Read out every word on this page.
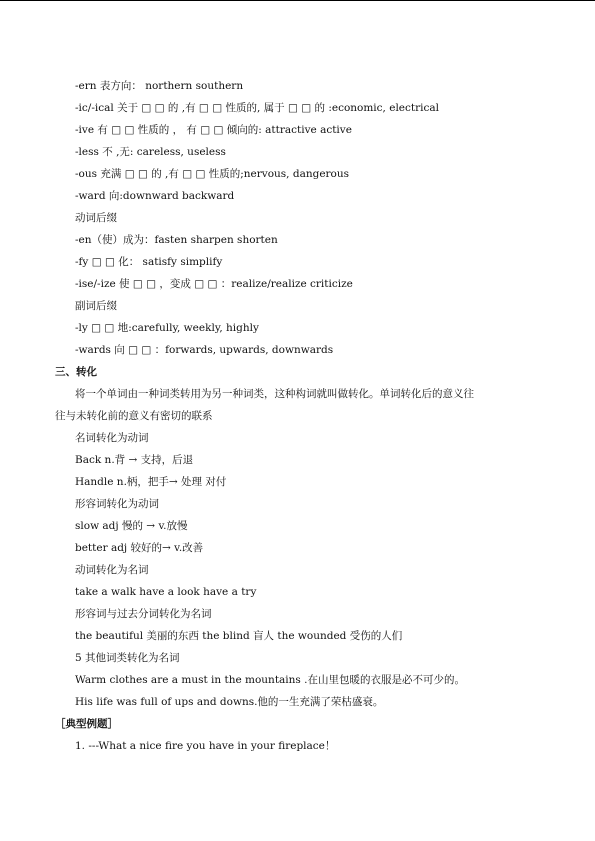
-ern 表方向： northern southern
-ic/-ical 关于 □ □ 的 ,有 □ □ 性质的, 属于 □ □ 的 :economic, electrical
-ive 有 □ □ 性质的 ， 有 □ □ 倾向的: attractive active
-less 不 ,无: careless, useless
-ous 充满 □ □ 的 ,有 □ □ 性质的;nervous, dangerous
-ward 向:downward backward
动词后缀
-en（使）成为：fasten sharpen shorten
-fy □ □ 化： satisfy simplify
-ise/-ize 使 □ □ ，变成 □ □ ：realize/realize criticize
副词后缀
-ly □ □ 地:carefully, weekly, highly
-wards 向 □ □ ：forwards, upwards, downwards
三、转化
将一个单词由一种词类转用为另一种词类，这种构词就叫做转化。单词转化后的意义往
往与未转化前的意义有密切的联系
名词转化为动词
Back n.背 → 支持，后退
Handle n.柄，把手→ 处理 对付
形容词转化为动词
slow adj 慢的 → v.放慢
better adj 较好的→ v.改善
动词转化为名词
take a walk have a look have a try
形容词与过去分词转化为名词
the beautiful 美丽的东西 the blind 盲人 the wounded 受伤的人们
5 其他词类转化为名词
Warm clothes are a must in the mountains .在山里包暖的衣服是必不可少的。
His life was full of ups and downs.他的一生充满了荣枯盛衰。
［典型例题］
1. ---What a nice fire you have in your fireplace！
